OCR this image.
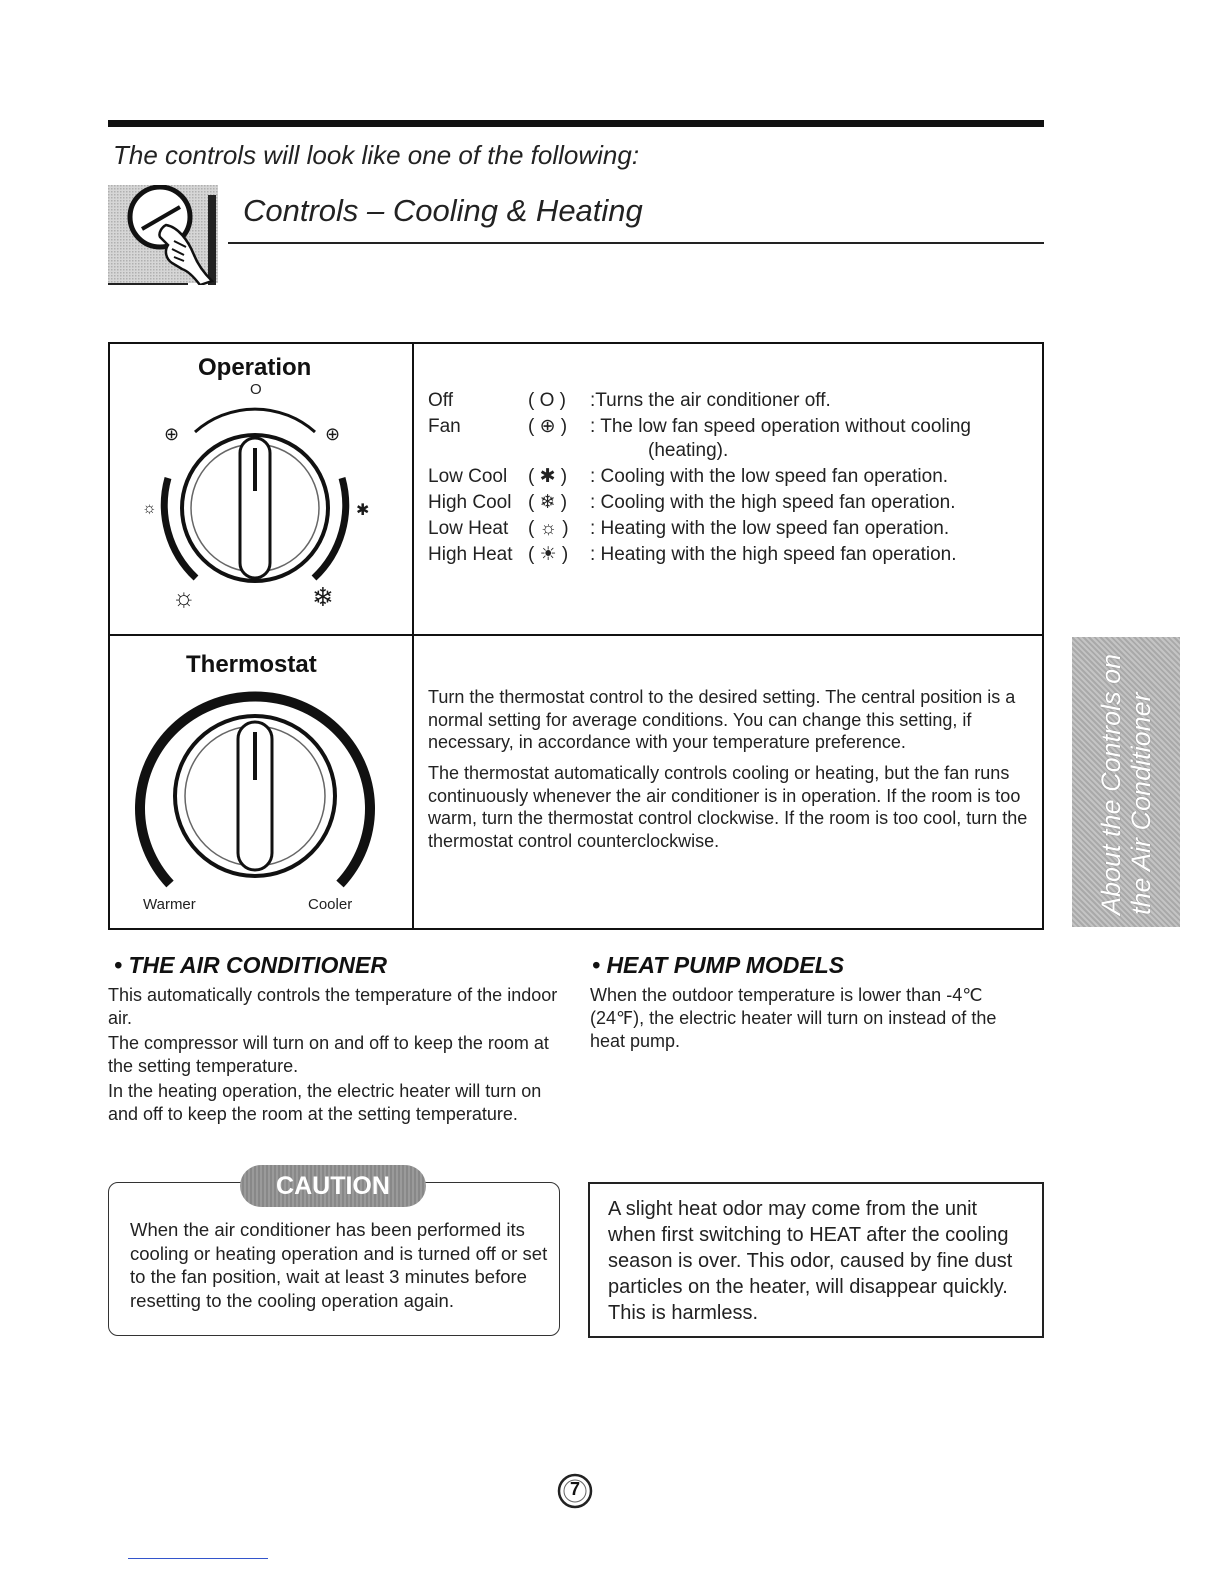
The controls will look like one of the following:
Controls – Cooling & Heating
Operation
O
⊕	⊕
☼	✱
☼	❄
Off	( O ) :Turns the air conditioner off.
Fan	( ⊕ ) : The low fan speed operation without cooling
(heating).
Low Cool ( ✱ ) : Cooling with the low speed fan operation.
High Cool ( ❄ ) : Cooling with the high speed fan operation.
Low Heat ( ☼ ) : Heating with the low speed fan operation.
High Heat ( ☀ ) : Heating with the high speed fan operation.
Thermostat
Warmer	Cooler
Turn the thermostat control to the desired setting. The central position is a normal setting for average conditions. You can change this setting, if necessary, in accordance with your temperature preference.
The thermostat automatically controls cooling or heating, but the fan runs continuously whenever the air conditioner is in operation. If the room is too warm, turn the thermostat control clockwise. If the room is too cool, turn the thermostat control counterclockwise.	About the Controls on the Air Conditioner
• THE AIR CONDITIONER
This automatically controls the temperature of the indoor air.
The compressor will turn on and off to keep the room at the setting temperature.
In the heating operation, the electric heater will turn on and off to keep the room at the setting temperature.
• HEAT PUMP MODELS
When the outdoor temperature is lower than -4℃ (24℉), the electric heater will turn on instead of the heat pump.
CAUTION
When the air conditioner has been performed its cooling or heating operation and is turned off or set to the fan position, wait at least 3 minutes before resetting to the cooling operation again.
A slight heat odor may come from the unit when first switching to HEAT after the cooling season is over. This odor, caused by fine dust particles on the heater, will disappear quickly. This is harmless.
7
